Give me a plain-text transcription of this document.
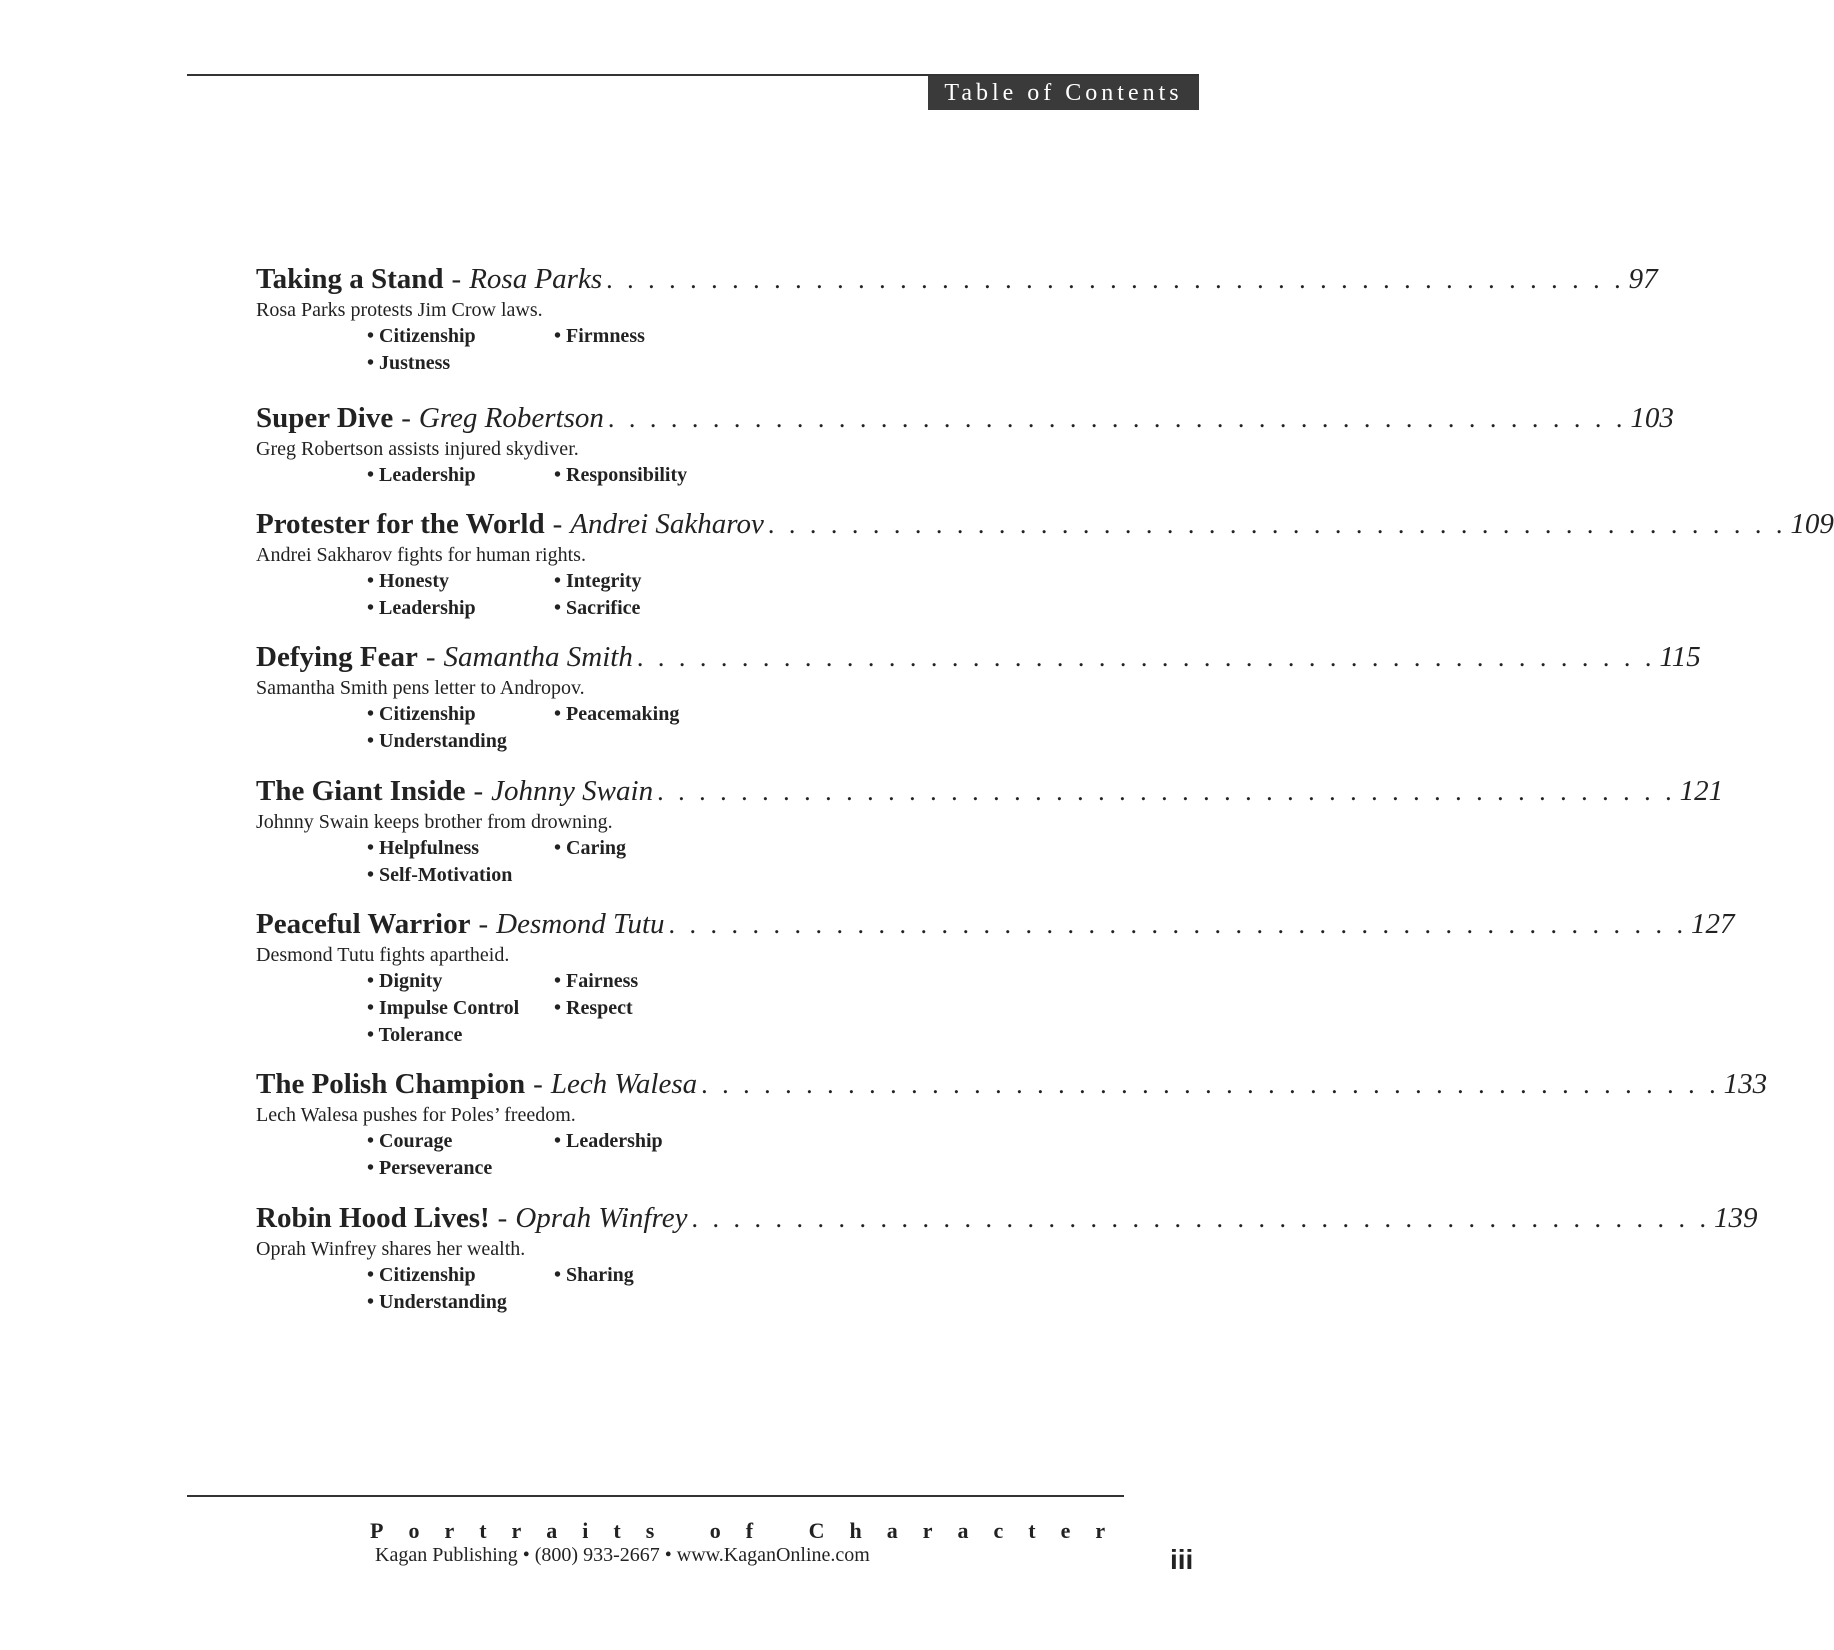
Table of Contents
Taking a Stand - Rosa Parks . . . . . . . . . . . . . . . . . . . . . . . . . . . . . . . . . . . . . . . . . . . . . . . . . 97
Rosa Parks protests Jim Crow laws.
• Citizenship	• Firmness
• Justness
Super Dive - Greg Robertson . . . . . . . . . . . . . . . . . . . . . . . . . . . . . . . . . . . . . . . . . . . . . . . . . 103
Greg Robertson assists injured skydiver.
• Leadership	• Responsibility
Protester for the World - Andrei Sakharov . . . . . . . . . . . . . . . . . . . . . . . . . . . . . . . . . . . . . . . . . . . . . . . . . 109
Andrei Sakharov fights for human rights.
• Honesty	• Integrity
• Leadership	• Sacrifice
Defying Fear - Samantha Smith . . . . . . . . . . . . . . . . . . . . . . . . . . . . . . . . . . . . . . . . . . . . . . . . . 115
Samantha Smith pens letter to Andropov.
• Citizenship	• Peacemaking
• Understanding
The Giant Inside - Johnny Swain . . . . . . . . . . . . . . . . . . . . . . . . . . . . . . . . . . . . . . . . . . . . . . . . . 121
Johnny Swain keeps brother from drowning.
• Helpfulness	• Caring
• Self-Motivation
Peaceful Warrior - Desmond Tutu . . . . . . . . . . . . . . . . . . . . . . . . . . . . . . . . . . . . . . . . . . . . . . . . . 127
Desmond Tutu fights apartheid.
• Dignity	• Fairness
• Impulse Control	• Respect
• Tolerance
The Polish Champion - Lech Walesa . . . . . . . . . . . . . . . . . . . . . . . . . . . . . . . . . . . . . . . . . . . . . . . . . 133
Lech Walesa pushes for Poles’ freedom.
• Courage	• Leadership
• Perseverance
Robin Hood Lives! - Oprah Winfrey . . . . . . . . . . . . . . . . . . . . . . . . . . . . . . . . . . . . . . . . . . . . . . . . . 139
Oprah Winfrey shares her wealth.
• Citizenship	• Sharing
• Understanding
Portraits of Character
Kagan Publishing • (800) 933-2667 • www.KaganOnline.com	iii
